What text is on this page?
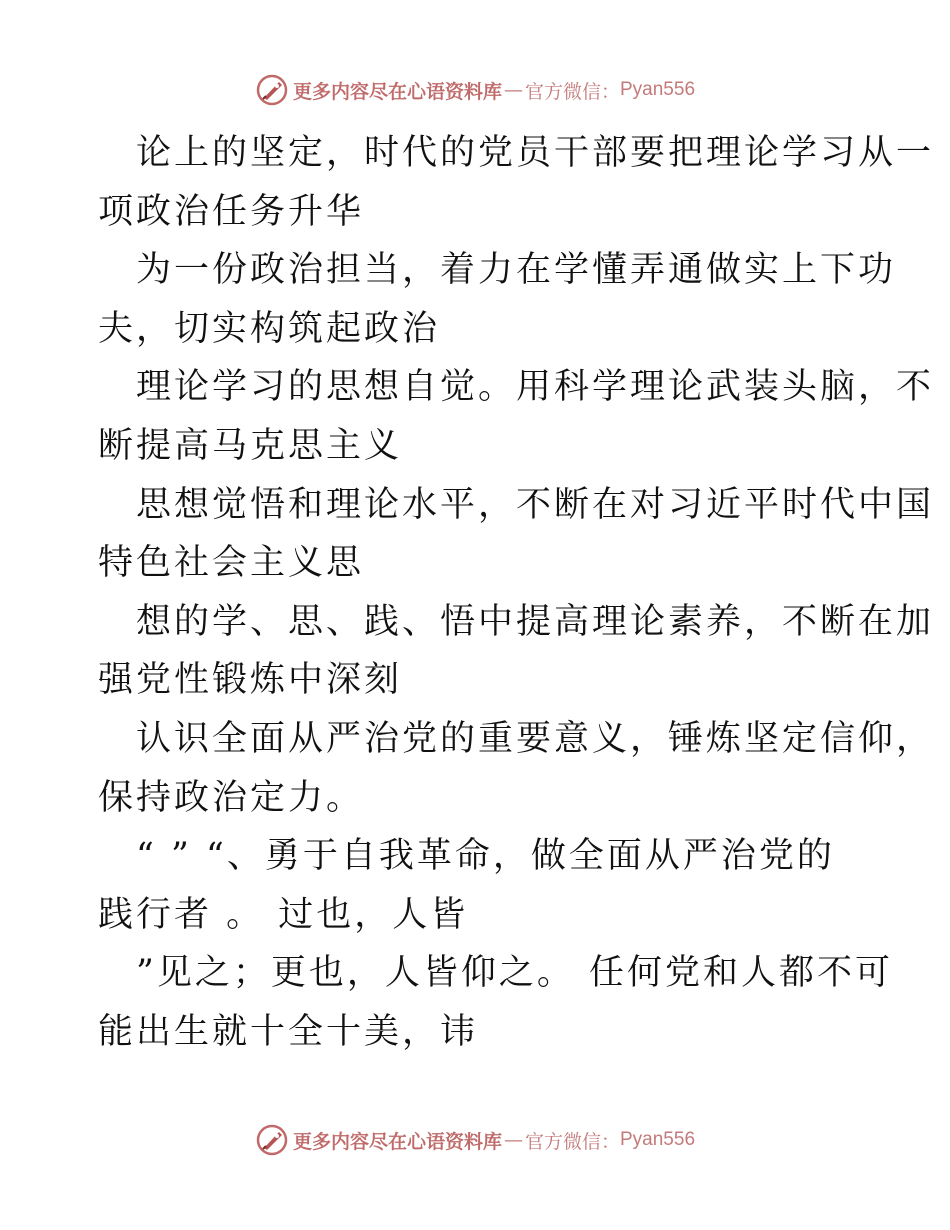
更多内容尽在心语资料库 — 官方微信： Pyan556

论上的坚定，时代的党员干部要把理论学习从一

项政治任务升华

为一份政治担当，着力在学懂弄通做实上下功

夫，切实构筑起政治

理论学习的思想自觉。用科学理论武装头脑，不

断提高马克思主义

思想觉悟和理论水平，不断在对习近平时代中国

特色社会主义思

想的学、思、践、悟中提高理论素养，不断在加

强党性锻炼中深刻

认识全面从严治党的重要意义，锤炼坚定信仰，

保持政治定力。

“ ” “、勇于自我革命，做全面从严治党的

践行者 。 过也，人皆

”见之；更也，人皆仰之。 任何党和人都不可

能出生就十全十美，讳

更多内容尽在心语资料库 — 官方微信： Pyan556
